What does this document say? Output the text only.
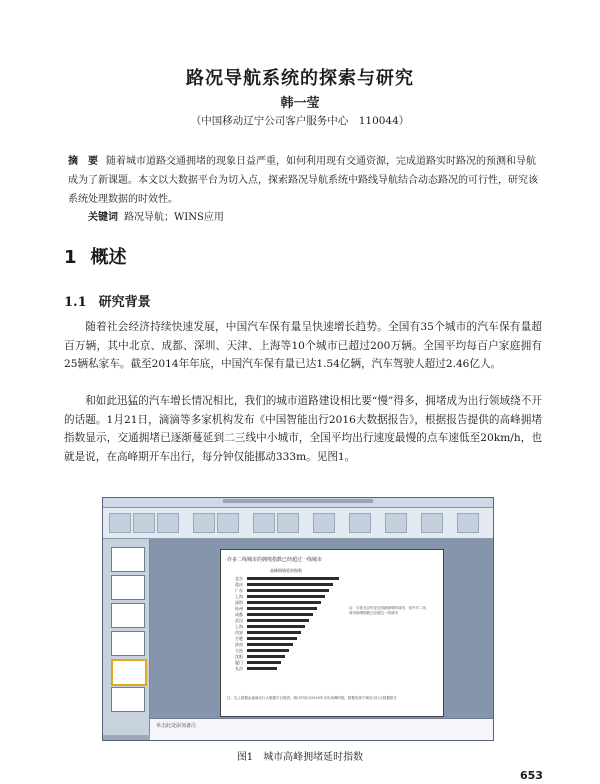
路况导航系统的探索与研究
韩一莹
（中国移动辽宁公司客户服务中心　110044）
摘　要 随着城市道路交通拥堵的现象日益严重，如何利用现有交通资源，完成道路实时路况的预测和导航成为了新课题。本文以大数据平台为切入点，探索路况导航系统中路线导航结合动态路况的可行性，研究该系统处理数据的时效性。
关键词 路况导航；WINS应用
1 概述
1.1 研究背景
随着社会经济持续快速发展，中国汽车保有量呈快速增长趋势。全国有35个城市的汽车保有量超百万辆，其中北京、成都、深圳、天津、上海等10个城市已超过200万辆。全国平均每百户家庭拥有25辆私家车。截至2014年年底，中国汽车保有量已达1.54亿辆，汽车驾驶人超过2.46亿人。
和如此迅猛的汽车增长情况相比，我们的城市道路建设相比要“慢”得多，拥堵成为出行领域绕不开的话题。1月21日，滴滴等多家机构发布《中国智能出行2016大数据报告》，根据报告提供的高峰拥堵指数显示，交通拥堵已逐渐蔓延到二三线中小城市，全国平均出行速度最慢的点车速低至20km/h，也就是说，在高峰期开车出行，每分钟仅能挪动333m。见图1。
许多二线城市的拥堵指数已经超过一线城市
高峰拥堵延时指数
北京
重庆
广东
上海
深圳
杭州
成都
武汉
上海
西安
合肥
济南
大连
沈阳
厦门
长沙
注：尽管北京仍是全国最拥堵的城市，但许多二线城市拥堵指数已经超过一线城市
注：以上数据由滴滴出行大数据平台提供，统计时间为2015年全年高峰时段，数据来源于城市出行大数据报告
单击此处添加备注
图1 城市高峰拥堵延时指数
653
